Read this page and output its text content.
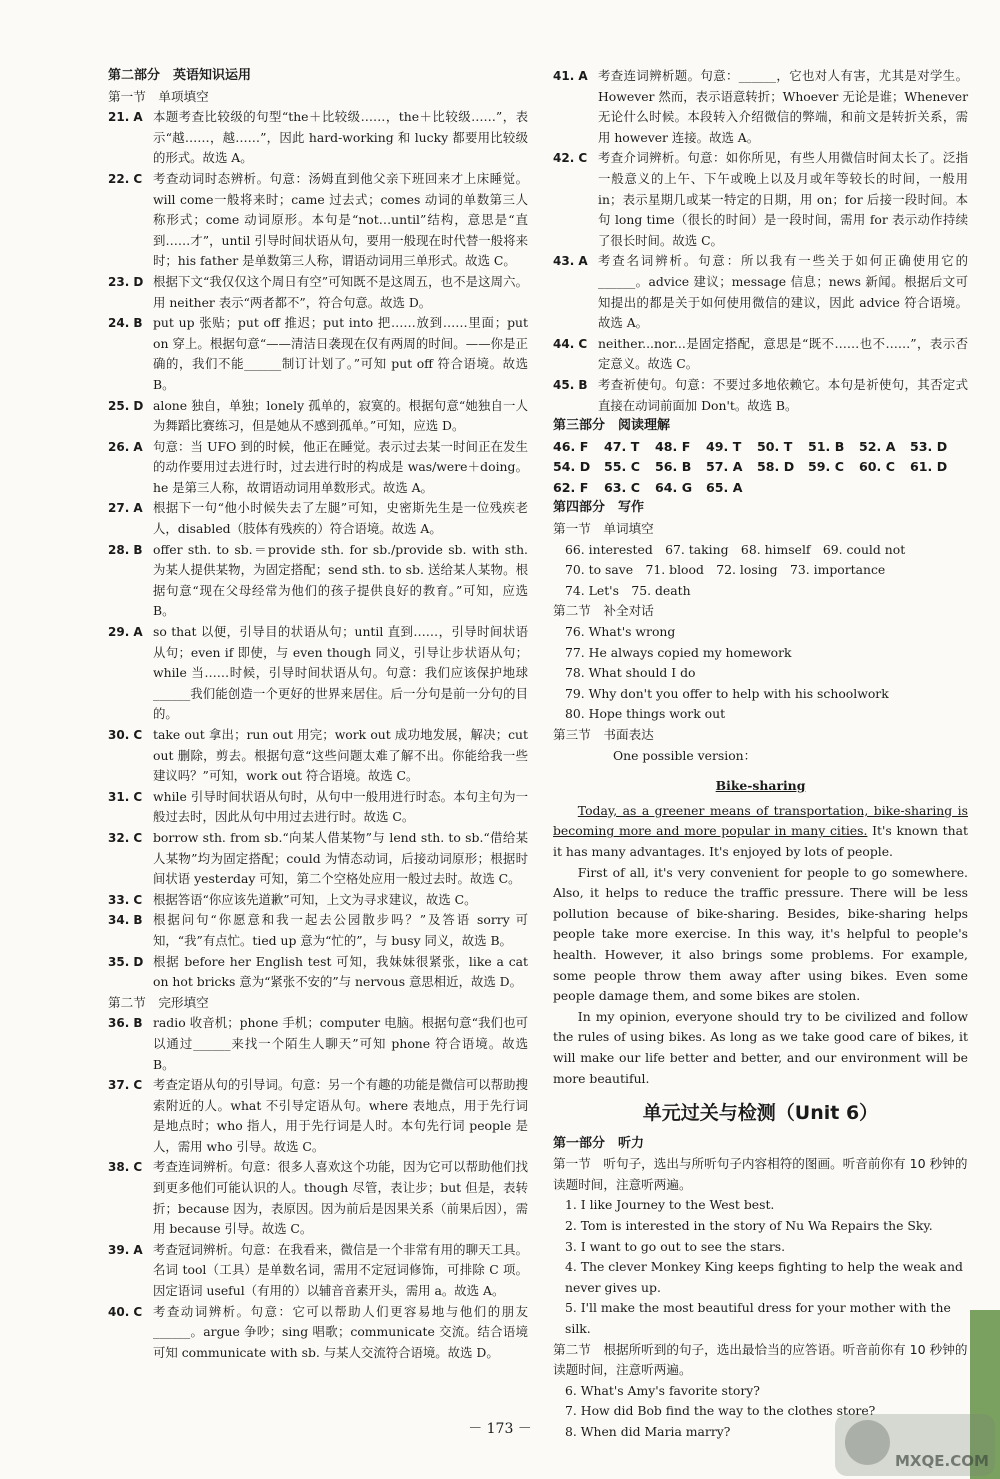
第二部分　英语知识运用
第一节　单项填空
21. A 本题考查比较级的句型“the＋比较级……，the＋比较级……”，表示“越……，越……”，因此 hard-working 和 lucky 都要用比较级的形式。故选 A。
22. C 考查动词时态辨析。句意：汤姆直到他父亲下班回来才上床睡觉。will come一般将来时；came 过去式；comes 动词的单数第三人称形式；come 动词原形。本句是“not…until”结构，意思是“直到……才”，until 引导时间状语从句，要用一般现在时代替一般将来时；his father 是单数第三人称，谓语动词用三单形式。故选 C。
23. D 根据下文“我仅仅这个周日有空”可知既不是这周五，也不是这周六。用 neither 表示“两者都不”，符合句意。故选 D。
24. B put up 张贴；put off 推迟；put into 把……放到……里面；put on 穿上。根据句意“——清洁日袭现在仅有两周的时间。——你是正确的，我们不能______制订计划了。”可知 put off 符合语境。故选 B。
25. D alone 独自，单独；lonely 孤单的，寂寞的。根据句意“她独自一人为舞蹈比赛练习，但是她从不感到孤单。”可知，应选 D。
26. A 句意：当 UFO 到的时候，他正在睡觉。表示过去某一时间正在发生的动作要用过去进行时，过去进行时的构成是 was/were＋doing。he 是第三人称，故谓语动词用单数形式。故选 A。
27. A 根据下一句“他小时候失去了左腿”可知，史密斯先生是一位残疾老人，disabled（肢体有残疾的）符合语境。故选 A。
28. B offer sth. to sb.＝provide sth. for sb./provide sb. with sth. 为某人提供某物，为固定搭配；send sth. to sb. 送给某人某物。根据句意“现在父母经常为他们的孩子提供良好的教育。”可知，应选 B。
29. A so that 以便，引导目的状语从句；until 直到……，引导时间状语从句；even if 即使，与 even though 同义，引导让步状语从句；while 当……时候，引导时间状语从句。句意：我们应该保护地球______我们能创造一个更好的世界来居住。后一分句是前一分句的目的。
30. C take out 拿出；run out 用完；work out 成功地发展，解决；cut out 删除，剪去。根据句意“这些问题太难了解不出。你能给我一些建议吗？”可知，work out 符合语境。故选 C。
31. C while 引导时间状语从句时，从句中一般用进行时态。本句主句为一般过去时，因此从句中用过去进行时。故选 C。
32. C borrow sth. from sb.“向某人借某物”与 lend sth. to sb.“借给某人某物”均为固定搭配；could 为情态动词，后接动词原形；根据时间状语 yesterday 可知，第二个空格处应用一般过去时。故选 C。
33. C 根据答语“你应该先道歉”可知，上文为寻求建议，故选 C。
34. B 根据问句“你愿意和我一起去公园散步吗？”及答语 sorry 可知，“我”有点忙。tied up 意为“忙的”，与 busy 同义，故选 B。
35. D 根据 before her English test 可知，我妹妹很紧张，like a cat on hot bricks 意为“紧张不安的”与 nervous 意思相近，故选 D。
第二节　完形填空
36. B radio 收音机；phone 手机；computer 电脑。根据句意“我们也可以通过______来找一个陌生人聊天”可知 phone 符合语境。故选 B。
37. C 考查定语从句的引导词。句意：另一个有趣的功能是微信可以帮助搜索附近的人。what 不引导定语从句。where 表地点，用于先行词是地点时；who 指人，用于先行词是人时。本句先行词 people 是人，需用 who 引导。故选 C。
38. C 考查连词辨析。句意：很多人喜欢这个功能，因为它可以帮助他们找到更多他们可能认识的人。though 尽管，表让步；but 但是，表转折；because 因为，表原因。因为前后是因果关系（前果后因），需用 because 引导。故选 C。
39. A 考查冠词辨析。句意：在我看来，微信是一个非常有用的聊天工具。名词 tool（工具）是单数名词，需用不定冠词修饰，可排除 C 项。因定语词 useful（有用的）以辅音音素开头，需用 a。故选 A。
40. C 考查动词辨析。句意：它可以帮助人们更容易地与他们的朋友______。argue 争吵；sing 唱歌；communicate 交流。结合语境可知 communicate with sb. 与某人交流符合语境。故选 D。
41. A 考查连词辨析题。句意：______，它也对人有害，尤其是对学生。However 然而，表示语意转折；Whoever 无论是谁；Whenever 无论什么时候。本段转入介绍微信的弊端，和前文是转折关系，需用 however 连接。故选 A。
42. C 考查介词辨析。句意：如你所见，有些人用微信时间太长了。泛指一般意义的上午、下午或晚上以及月或年等较长的时间，一般用 in；表示星期几或某一特定的日期，用 on；for 后接一段时间。本句 long time（很长的时间）是一段时间，需用 for 表示动作持续了很长时间。故选 C。
43. A 考查名词辨析。句意：所以我有一些关于如何正确使用它的______。advice 建议；message 信息；news 新闻。根据后文可知提出的都是关于如何使用微信的建议，因此 advice 符合语境。故选 A。
44. C neither...nor...是固定搭配，意思是“既不……也不……”，表示否定意义。故选 C。
45. B 考查祈使句。句意：不要过多地依赖它。本句是祈使句，其否定式直接在动词前面加 Don't。故选 B。
第三部分　阅读理解
46. F	47. T	48. F	49. T	50. T	51. B	52. A	53. D
54. D	55. C	56. B	57. A	58. D	59. C	60. C	61. D
62. F	63. C	64. G	65. A
第四部分　写作
第一节　单词填空
66. interested　67. taking　68. himself　69. could not
70. to save　71. blood　72. losing　73. importance
74. Let's　75. death
第二节　补全对话
76. What's wrong
77. He always copied my homework
78. What should I do
79. Why don't you offer to help with his schoolwork
80. Hope things work out
第三节　书面表达
One possible version：
Bike-sharing

Today, as a greener means of transportation, bike-sharing is becoming more and more popular in many cities. It's known that it has many advantages. It's enjoyed by lots of people.

First of all, it's very convenient for people to go somewhere. Also, it helps to reduce the traffic pressure. There will be less pollution because of bike-sharing. Besides, bike-sharing helps people take more exercise. In this way, it's helpful to people's health. However, it also brings some problems. For example, some people throw them away after using bikes. Even some people damage them, and some bikes are stolen.

In my opinion, everyone should try to be civilized and follow the rules of using bikes. As long as we take good care of bikes, it will make our life better and better, and our environment will be more beautiful.

单元过关与检测（Unit 6）
第一部分　听力
第一节　听句子，选出与所听句子内容相符的图画。听音前你有 10 秒钟的读题时间，注意听两遍。
1. I like Journey to the West best.
2. Tom is interested in the story of Nu Wa Repairs the Sky.
3. I want to go out to see the stars.
4. The clever Monkey King keeps fighting to help the weak and never gives up.
5. I'll make the most beautiful dress for your mother with the silk.
第二节　根据所听到的句子，选出最恰当的应答语。听音前你有 10 秒钟的读题时间，注意听两遍。
6. What's Amy's favorite story?
7. How did Bob find the way to the clothes store?
8. When did Maria marry?
－ 173 －
MXQE.COM
